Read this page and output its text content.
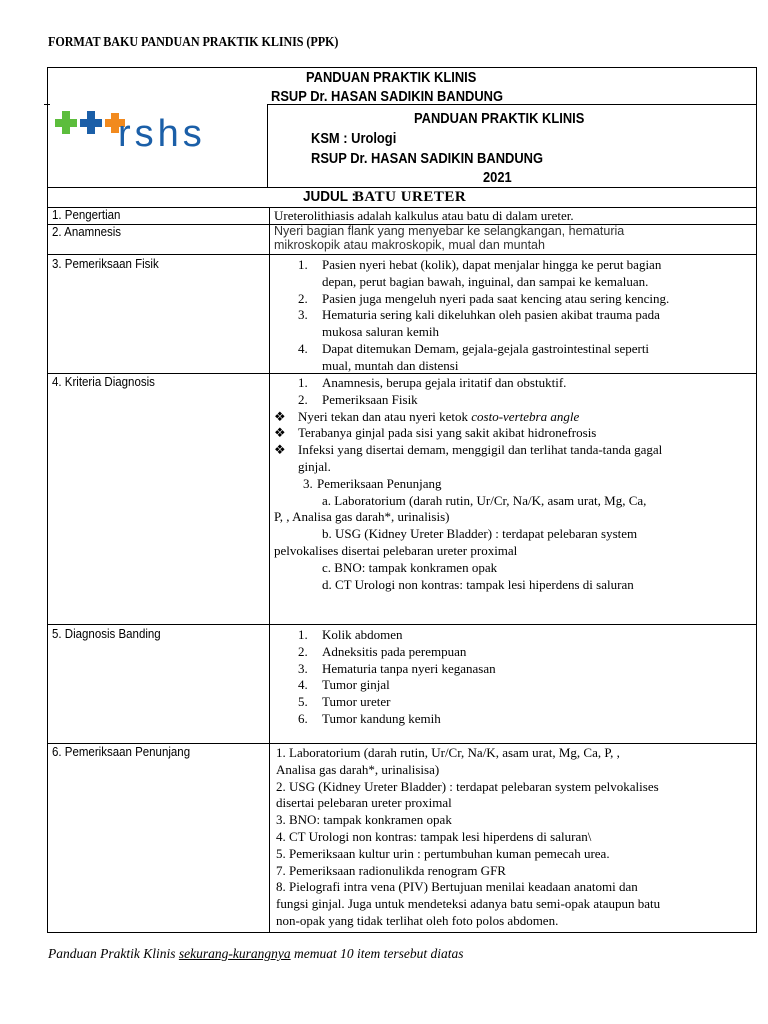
FORMAT BAKU PANDUAN PRAKTIK KLINIS (PPK)
PANDUAN PRAKTIK KLINIS
RSUP Dr. HASAN SADIKIN BANDUNG
rshs	PANDUAN PRAKTIK KLINIS
KSM : Urologi
RSUP Dr. HASAN SADIKIN BANDUNG
2021
JUDUL :BATU URETER
1. Pengertian	Ureterolithiasis adalah kalkulus atau batu di dalam ureter.
2. Anamnesis	Nyeri bagian flank yang menyebar ke selangkangan, hematuria
mikroskopik atau makroskopik, mual dan muntah
3. Pemeriksaan Fisik	1. Pasien nyeri hebat (kolik), dapat menjalar hingga ke perut bagian
depan, perut bagian bawah, inguinal, dan sampai ke kemaluan.
2. Pasien juga mengeluh nyeri pada saat kencing atau sering kencing.
3. Hematuria sering kali dikeluhkan oleh pasien akibat trauma pada
mukosa saluran kemih
4. Dapat ditemukan Demam, gejala-gejala gastrointestinal seperti
mual, muntah dan distensi
4. Kriteria Diagnosis	1. Anamnesis, berupa gejala iritatif dan obstuktif.
2. Pemeriksaan Fisik
❖ Nyeri tekan dan atau nyeri ketok costo-vertebra angle
❖ Terabanya ginjal pada sisi yang sakit akibat hidronefrosis
❖ Infeksi yang disertai demam, menggigil dan terlihat tanda-tanda gagal
ginjal.
3. Pemeriksaan Penunjang
a. Laboratorium (darah rutin, Ur/Cr, Na/K, asam urat, Mg, Ca,
P, , Analisa gas darah*, urinalisis)
b. USG (Kidney Ureter Bladder) : terdapat pelebaran system
pelvokalises disertai pelebaran ureter proximal
c. BNO: tampak konkramen opak
d. CT Urologi non kontras: tampak lesi hiperdens di saluran
5. Diagnosis Banding	1. Kolik abdomen
2. Adneksitis pada perempuan
3. Hematuria tanpa nyeri keganasan
4. Tumor ginjal
5. Tumor ureter
6. Tumor kandung kemih
6. Pemeriksaan Penunjang	1. Laboratorium (darah rutin, Ur/Cr, Na/K, asam urat, Mg, Ca, P, ,
Analisa gas darah*, urinalisisa)
2. USG (Kidney Ureter Bladder) : terdapat pelebaran system pelvokalises
disertai pelebaran ureter proximal
3. BNO: tampak konkramen opak
4. CT Urologi non kontras: tampak lesi hiperdens di saluran\
5. Pemeriksaan kultur urin : pertumbuhan kuman pemecah urea.
7. Pemeriksaan radionulikda renogram GFR
8. Pielografi intra vena (PIV) Bertujuan menilai keadaan anatomi dan
fungsi ginjal. Juga untuk mendeteksi adanya batu semi-opak ataupun batu
non-opak yang tidak terlihat oleh foto polos abdomen.
Panduan Praktik Klinis sekurang-kurangnya memuat 10 item tersebut diatas
